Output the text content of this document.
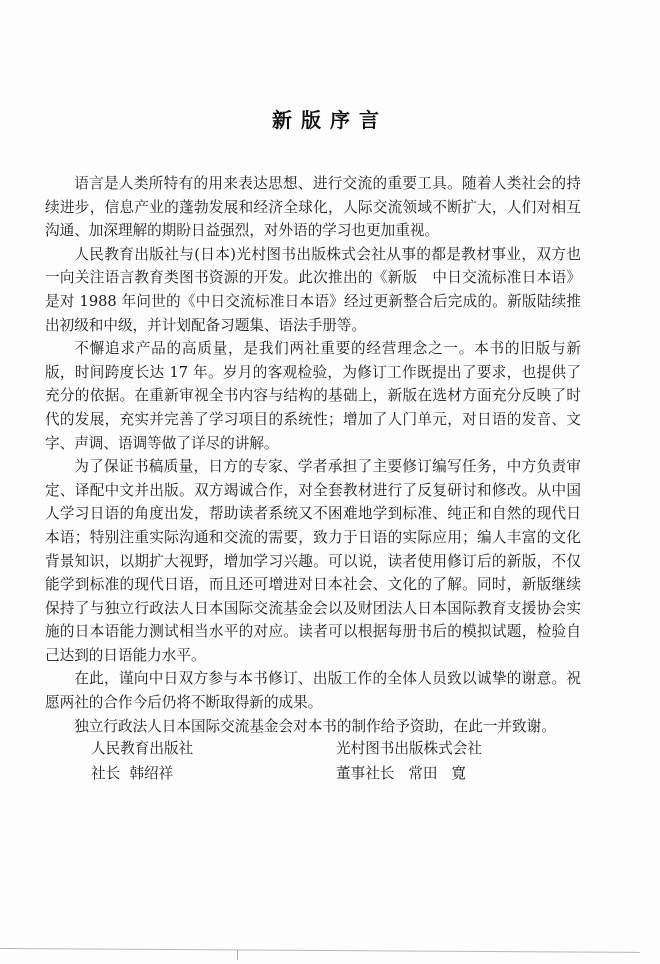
新版序言

语言是人类所特有的用来表达思想、进行交流的重要工具。随着人类社会的持续进步，信息产业的蓬勃发展和经济全球化，人际交流领域不断扩大，人们对相互沟通、加深理解的期盼日益强烈，对外语的学习也更加重视。

人民教育出版社与(日本)光村图书出版株式会社从事的都是教材事业，双方也一向关注语言教育类图书资源的开发。此次推出的《新版　中日交流标准日本语》是对 1988 年问世的《中日交流标准日本语》经过更新整合后完成的。新版陆续推出初级和中级，并计划配备习题集、语法手册等。

不懈追求产品的高质量，是我们两社重要的经营理念之一。本书的旧版与新版，时间跨度长达 17 年。岁月的客观检验，为修订工作既提出了要求，也提供了充分的依据。在重新审视全书内容与结构的基础上，新版在选材方面充分反映了时代的发展，充实并完善了学习项目的系统性；增加了人门单元，对日语的发音、文字、声调、语调等做了详尽的讲解。

为了保证书稿质量，日方的专家、学者承担了主要修订编写任务，中方负责审定、译配中文并出版。双方竭诚合作，对全套教材进行了反复研讨和修改。从中国人学习日语的角度出发，帮助读者系统又不困难地学到标准、纯正和自然的现代日本语；特别注重实际沟通和交流的需要，致力于日语的实际应用；编人丰富的文化背景知识，以期扩大视野，增加学习兴趣。可以说，读者使用修订后的新版，不仅能学到标准的现代日语，而且还可增进对日本社会、文化的了解。同时，新版继续保持了与独立行政法人日本国际交流基金会以及财团法人日本国际教育支援协会实施的日本语能力测试相当水平的对应。读者可以根据每册书后的模拟试题，检验自己达到的日语能力水平。

在此，谨向中日双方参与本书修订、出版工作的全体人员致以诚挚的谢意。祝愿两社的合作今后仍将不断取得新的成果。

独立行政法人日本国际交流基金会对本书的制作给予资助，在此一并致谢。

人民教育出版社
社长  韩绍祥
光村图书出版株式会社
董事社长   常田   寛
